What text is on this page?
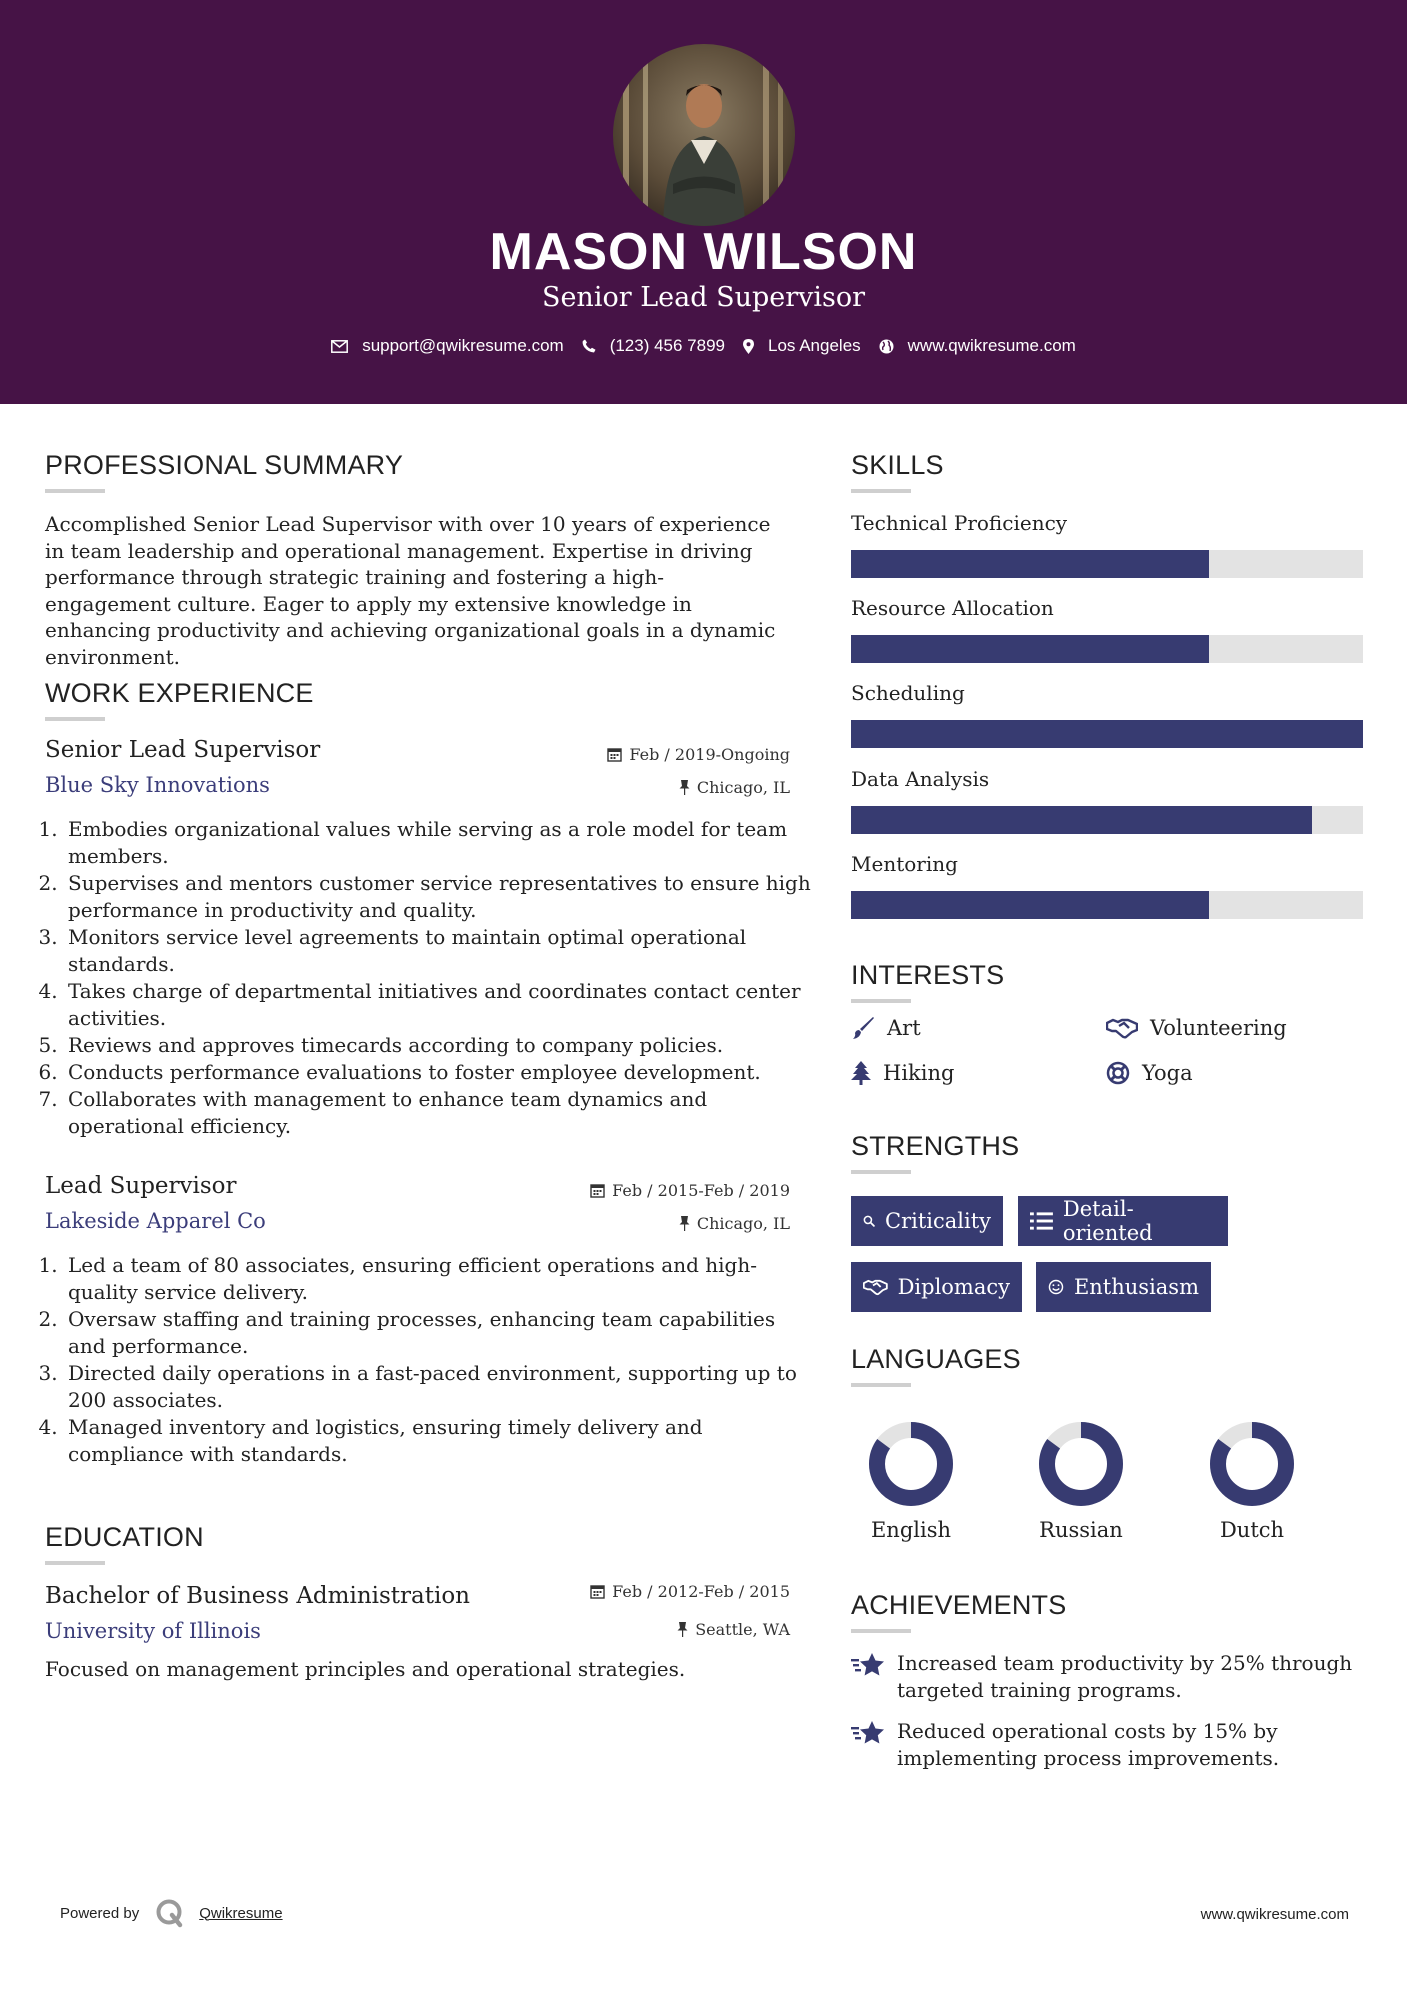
MASON WILSON
Senior Lead Supervisor
support@qwikresume.com	(123) 456 7899	Los Angeles	www.qwikresume.com
PROFESSIONAL SUMMARY
Accomplished Senior Lead Supervisor with over 10 years of experience in team leadership and operational management. Expertise in driving performance through strategic training and fostering a high-engagement culture. Eager to apply my extensive knowledge in enhancing productivity and achieving organizational goals in a dynamic environment.
WORK EXPERIENCE
Senior Lead Supervisor
Blue Sky Innovations
Feb / 2019-Ongoing
Chicago, IL
1. Embodies organizational values while serving as a role model for team members.
2. Supervises and mentors customer service representatives to ensure high performance in productivity and quality.
3. Monitors service level agreements to maintain optimal operational standards.
4. Takes charge of departmental initiatives and coordinates contact center activities.
5. Reviews and approves timecards according to company policies.
6. Conducts performance evaluations to foster employee development.
7. Collaborates with management to enhance team dynamics and operational efficiency.
Lead Supervisor
Lakeside Apparel Co
Feb / 2015-Feb / 2019
Chicago, IL
1. Led a team of 80 associates, ensuring efficient operations and high-quality service delivery.
2. Oversaw staffing and training processes, enhancing team capabilities and performance.
3. Directed daily operations in a fast-paced environment, supporting up to 200 associates.
4. Managed inventory and logistics, ensuring timely delivery and compliance with standards.
EDUCATION
Bachelor of Business Administration
University of Illinois
Feb / 2012-Feb / 2015
Seattle, WA
Focused on management principles and operational strategies.
SKILLS
Technical Proficiency
Resource Allocation
Scheduling
Data Analysis
Mentoring
INTERESTS
Art	Volunteering
Hiking	Yoga
STRENGTHS
Criticality	Detail-oriented
Diplomacy	Enthusiasm
LANGUAGES
English	Russian	Dutch
ACHIEVEMENTS
Increased team productivity by 25% through targeted training programs.
Reduced operational costs by 15% by implementing process improvements.
Powered by	Qwikresume	www.qwikresume.com
